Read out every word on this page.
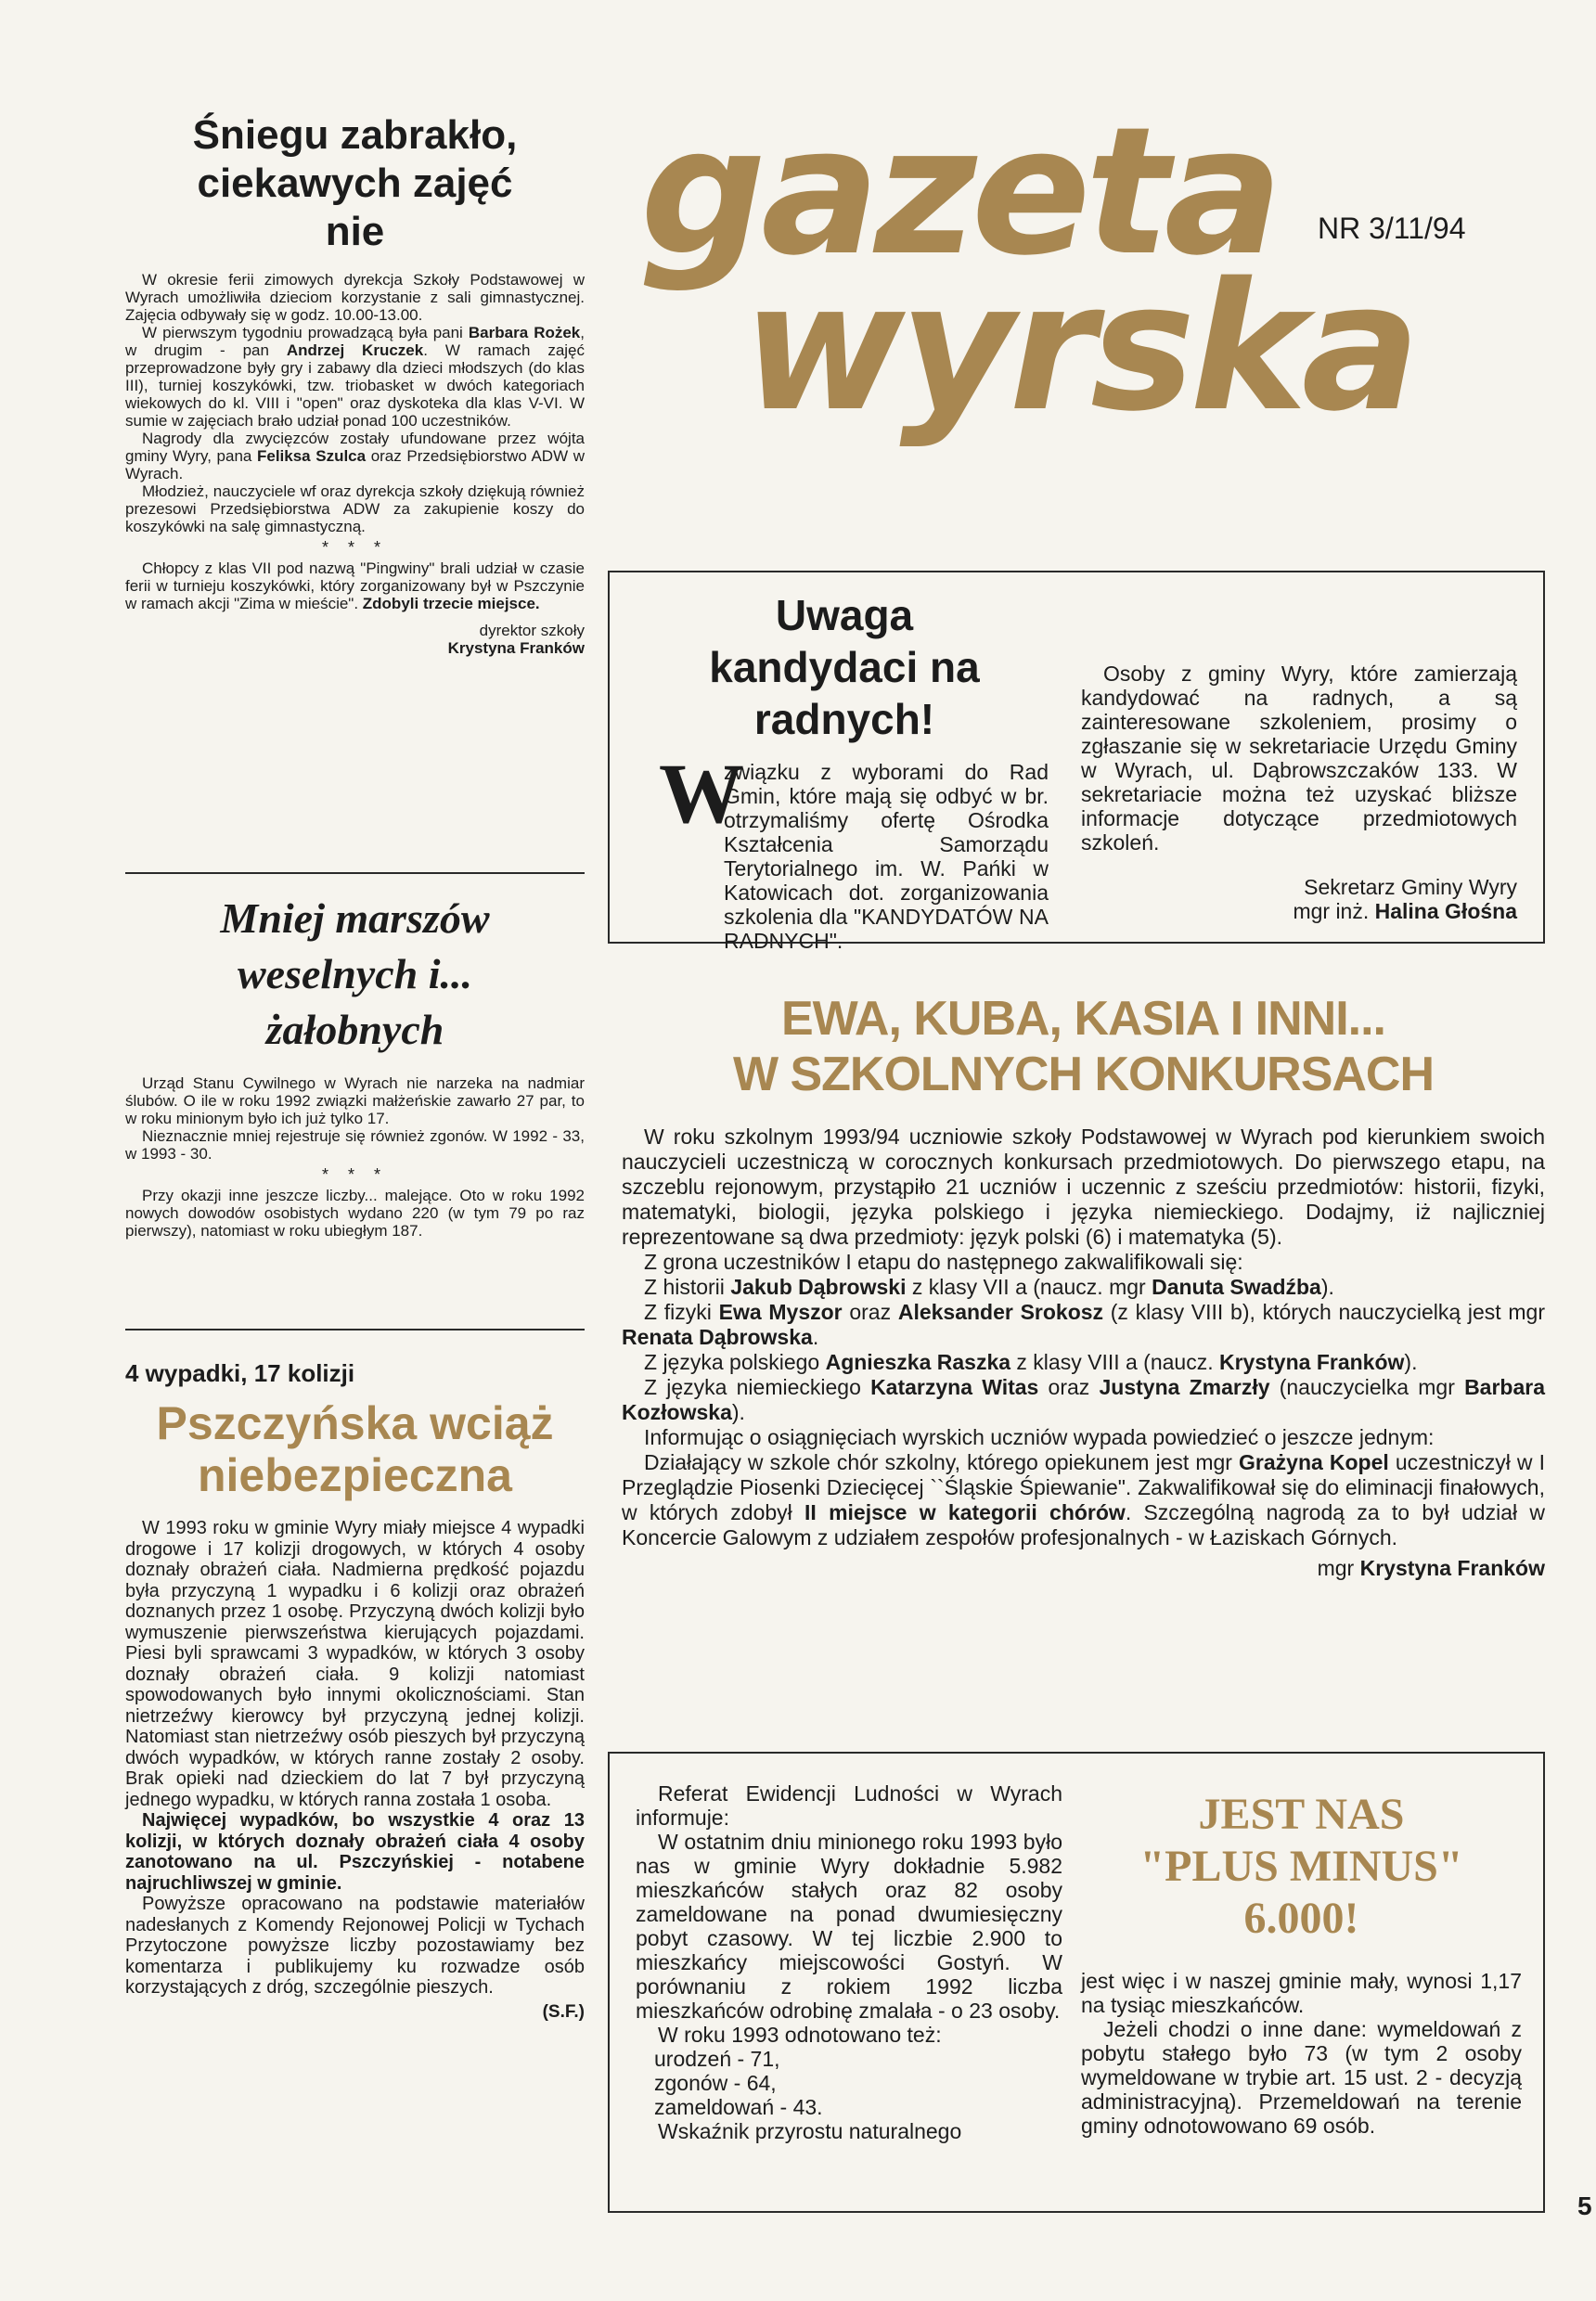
gazeta
wyrska
NR 3/11/94
Śniegu zabrakło, ciekawych zajęć nie

W okresie ferii zimowych dyrekcja Szkoły Podstawowej w Wyrach umożliwiła dzieciom korzystanie z sali gimnastycznej. Zajęcia odbywały się w godz. 10.00-13.00.

W pierwszym tygodniu prowadzącą była pani Barbara Rożek, w drugim - pan Andrzej Kruczek. W ramach zajęć przeprowadzone były gry i zabawy dla dzieci młodszych (do klas III), turniej koszykówki, tzw. triobasket w dwóch kategoriach wiekowych do kl. VIII i "open" oraz dyskoteka dla klas V-VI. W sumie w zajęciach brało udział ponad 100 uczestników.

Nagrody dla zwycięzców zostały ufundowane przez wójta gminy Wyry, pana Feliksa Szulca oraz Przedsiębiorstwo ADW w Wyrach.

Młodzież, nauczyciele wf oraz dyrekcja szkoły dziękują również prezesowi Przedsiębiorstwa ADW za zakupienie koszy do koszykówki na salę gimnastyczną.

* * *

Chłopcy z klas VII pod nazwą "Pingwiny" brali udział w czasie ferii w turnieju koszykówki, który zorganizowany był w Pszczynie w ramach akcji "Zima w mieście". Zdobyli trzecie miejsce.

dyrektor szkoły

Krystyna Franków

Mniej marszów weselnych i... żałobnych

Urząd Stanu Cywilnego w Wyrach nie narzeka na nadmiar ślubów. O ile w roku 1992 związki małżeńskie zawarło 27 par, to w roku minionym było ich już tylko 17.

Nieznacznie mniej rejestruje się również zgonów. W 1992 - 33, w 1993 - 30.

* * *

Przy okazji inne jeszcze liczby... malejące. Oto w roku 1992 nowych dowodów osobistych wydano 220 (w tym 79 po raz pierwszy), natomiast w roku ubiegłym 187.

4 wypadki, 17 kolizji
Pszczyńska wciąż niebezpieczna

W 1993 roku w gminie Wyry miały miejsce 4 wypadki drogowe i 17 kolizji drogowych, w których 4 osoby doznały obrażeń ciała. Nadmierna prędkość pojazdu była przyczyną 1 wypadku i 6 kolizji oraz obrażeń doznanych przez 1 osobę. Przyczyną dwóch kolizji było wymuszenie pierwszeństwa kierujących pojazdami. Piesi byli sprawcami 3 wypadków, w których 3 osoby doznały obrażeń ciała. 9 kolizji natomiast spowodowanych było innymi okolicznościami. Stan nietrzeźwy kierowcy był przyczyną jednej kolizji. Natomiast stan nietrzeźwy osób pieszych był przyczyną dwóch wypadków, w których ranne zostały 2 osoby. Brak opieki nad dzieckiem do lat 7 był przyczyną jednego wypadku, w których ranna została 1 osoba.

Najwięcej wypadków, bo wszystkie 4 oraz 13 kolizji, w których doznały obrażeń ciała 4 osoby zanotowano na ul. Pszczyńskiej - notabene najruchliwszej w gminie.

Powyższe opracowano na podstawie materiałów nadesłanych z Komendy Rejonowej Policji w Tychach Przytoczone powyższe liczby pozostawiamy bez komentarza i publikujemy ku rozwadze osób korzystających z dróg, szczególnie pieszych.

(S.F.)

Uwaga kandydaci na radnych!
W

związku z wyborami do Rad Gmin, które mają się odbyć w br. otrzymaliśmy ofertę Ośrodka Kształcenia Samorządu Terytorialnego im. W. Pańki w Katowicach dot. zorganizowania szkolenia dla "KANDYDATÓW NA RADNYCH".

Osoby z gminy Wyry, które zamierzają kandydować na radnych, a są zainteresowane szkoleniem, prosimy o zgłaszanie się w sekretariacie Urzędu Gminy w Wyrach, ul. Dąbrowszczaków 133. W sekretariacie można też uzyskać bliższe informacje dotyczące przedmiotowych szkoleń.

Sekretarz Gminy Wyry

mgr inż. Halina Głośna

EWA, KUBA, KASIA I INNI...
W SZKOLNYCH KONKURSACH

W roku szkolnym 1993/94 uczniowie szkoły Podstawowej w Wyrach pod kierunkiem swoich nauczycieli uczestniczą w corocznych konkursach przedmiotowych. Do pierwszego etapu, na szczeblu rejonowym, przystąpiło 21 uczniów i uczennic z sześciu przedmiotów: historii, fizyki, matematyki, biologii, języka polskiego i języka niemieckiego. Dodajmy, iż najliczniej reprezentowane są dwa przedmioty: język polski (6) i matematyka (5).

Z grona uczestników I etapu do następnego zakwalifikowali się:

Z historii Jakub Dąbrowski z klasy VII a (naucz. mgr Danuta Swadźba).

Z fizyki Ewa Myszor oraz Aleksander Srokosz (z klasy VIII b), których nauczycielką jest mgr Renata Dąbrowska.

Z języka polskiego Agnieszka Raszka z klasy VIII a (naucz. Krystyna Franków).

Z języka niemieckiego Katarzyna Witas oraz Justyna Zmarzły (nauczycielka mgr Barbara Kozłowska).

Informując o osiągnięciach wyrskich uczniów wypada powiedzieć o jeszcze jednym:

Działający w szkole chór szkolny, którego opiekunem jest mgr Grażyna Kopel uczestniczył w I Przeglądzie Piosenki Dziecięcej ``Śląskie Śpiewanie". Zakwalifikował się do eliminacji finałowych, w których zdobył II miejsce w kategorii chórów. Szczególną nagrodą za to był udział w Koncercie Galowym z udziałem zespołów profesjonalnych - w Łaziskach Górnych.

mgr Krystyna Franków

Referat Ewidencji Ludności w Wyrach informuje:

W ostatnim dniu minionego roku 1993 było nas w gminie Wyry dokładnie 5.982 mieszkańców stałych oraz 82 osoby zameldowane na ponad dwumiesięczny pobyt czasowy. W tej liczbie 2.900 to mieszkańcy miejscowości Gostyń. W porównaniu z rokiem 1992 liczba mieszkańców odrobinę zmalała - o 23 osoby.

W roku 1993 odnotowano też:

urodzeń - 71,
zgonów - 64,
zameldowań - 43.

Wskaźnik przyrostu naturalnego

JEST NAS "PLUS MINUS" 6.000!

jest więc i w naszej gminie mały, wynosi 1,17 na tysiąc mieszkańców.

Jeżeli chodzi o inne dane: wymeldowań z pobytu stałego było 73 (w tym 2 osoby wymeldowane w trybie art. 15 ust. 2 - decyzją administracyjną). Przemeldowań na terenie gminy odnotowowano 69 osób.

5
